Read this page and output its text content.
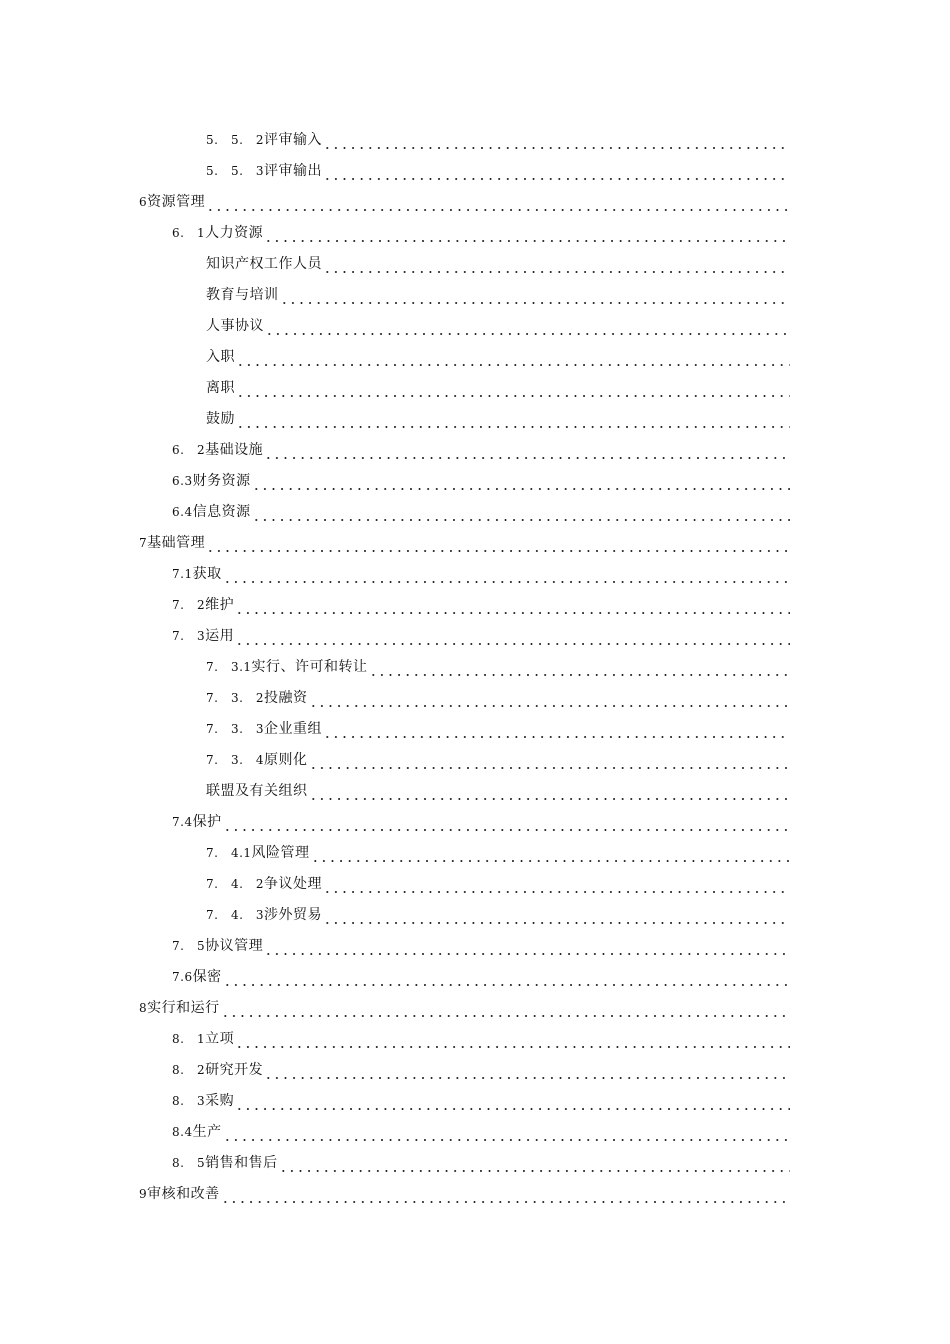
5.　5.　2评审输入
5.　5.　3评审输出
6资源管理
6.　1人力资源
知识产权工作人员
教育与培训
人事协议
入职
离职
鼓励
6.　2基础设施
6.3财务资源
6.4信息资源
7基础管理
7.1获取
7.　2维护
7.　3运用
7.　3.1实行、许可和转让
7.　3.　2投融资
7.　3.　3企业重组
7.　3.　4原则化
联盟及有关组织
7.4保护
7.　4.1风险管理
7.　4.　2争议处理
7.　4.　3涉外贸易
7.　5协议管理
7.6保密
8实行和运行
8.　1立项
8.　2研究开发
8.　3采购
8.4生产
8.　5销售和售后
9审核和改善
